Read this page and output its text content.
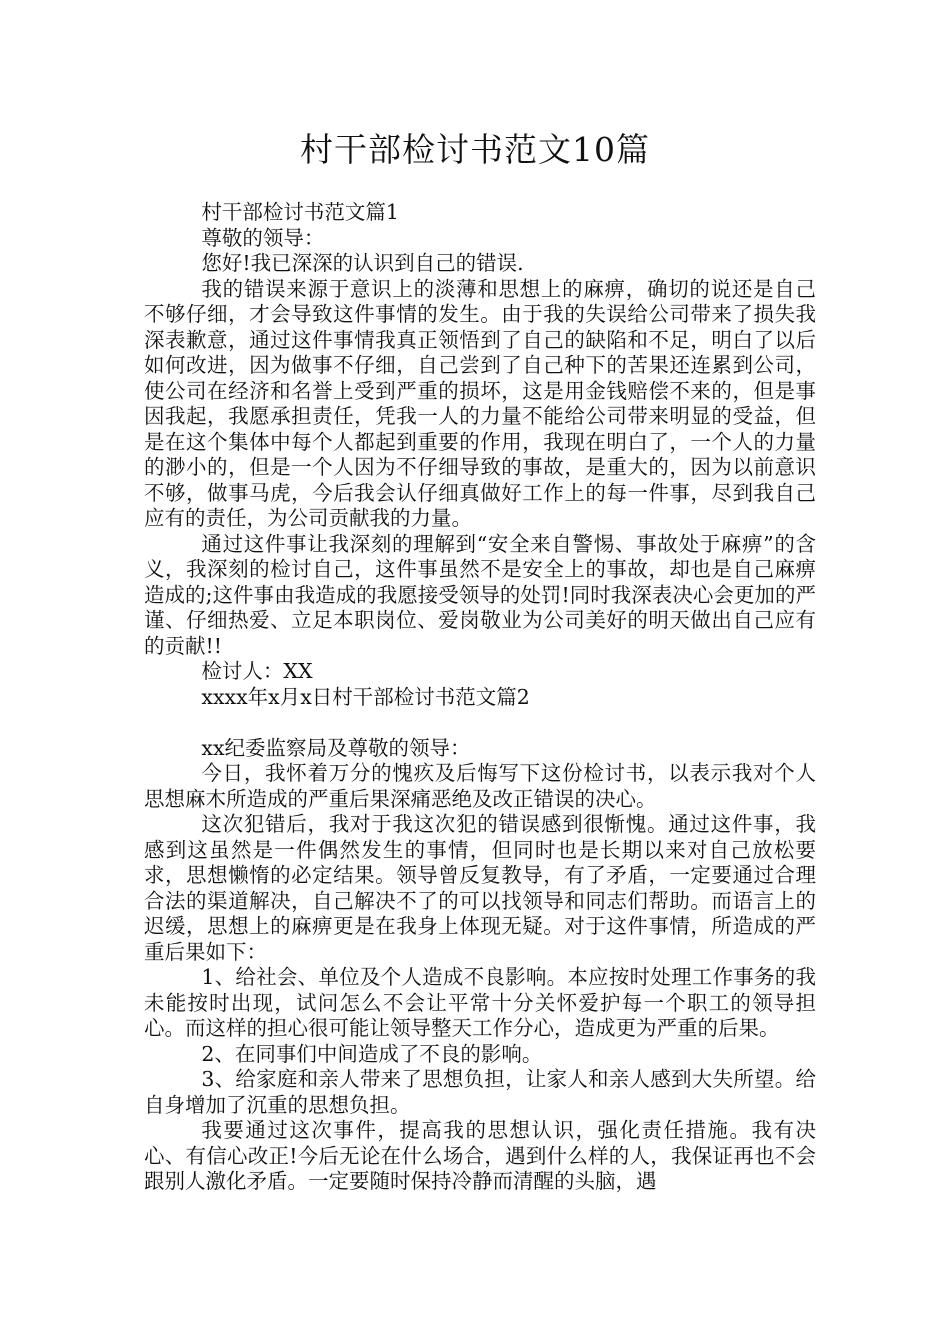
村干部检讨书范文10篇

村干部检讨书范文篇1

尊敬的领导：

您好!我已深深的认识到自己的错误.

我的错误来源于意识上的淡薄和思想上的麻痹，确切的说还是自己不够仔细，才会导致这件事情的发生。由于我的失误给公司带来了损失我深表歉意，通过这件事情我真正领悟到了自己的缺陷和不足，明白了以后如何改进，因为做事不仔细，自己尝到了自己种下的苦果还连累到公司，使公司在经济和名誉上受到严重的损坏，这是用金钱赔偿不来的，但是事因我起，我愿承担责任，凭我一人的力量不能给公司带来明显的受益，但是在这个集体中每个人都起到重要的作用，我现在明白了，一个人的力量的渺小的，但是一个人因为不仔细导致的事故，是重大的，因为以前意识不够，做事马虎，今后我会认仔细真做好工作上的每一件事，尽到我自己应有的责任，为公司贡献我的力量。

通过这件事让我深刻的理解到“安全来自警惕、事故处于麻痹”的含义，我深刻的检讨自己，这件事虽然不是安全上的事故，却也是自己麻痹造成的;这件事由我造成的我愿接受领导的处罚!同时我深表决心会更加的严谨、仔细热爱、立足本职岗位、爱岗敬业为公司美好的明天做出自己应有的贡献!!

检讨人：XX

xxxx年x月x日村干部检讨书范文篇2

xx纪委监察局及尊敬的领导：

今日，我怀着万分的愧疚及后悔写下这份检讨书，以表示我对个人思想麻木所造成的严重后果深痛恶绝及改正错误的决心。

这次犯错后，我对于我这次犯的错误感到很惭愧。通过这件事，我感到这虽然是一件偶然发生的事情，但同时也是长期以来对自己放松要求，思想懒惰的必定结果。领导曾反复教导，有了矛盾，一定要通过合理合法的渠道解决，自己解决不了的可以找领导和同志们帮助。而语言上的迟缓，思想上的麻痹更是在我身上体现无疑。对于这件事情，所造成的严重后果如下：

1、给社会、单位及个人造成不良影响。本应按时处理工作事务的我未能按时出现，试问怎么不会让平常十分关怀爱护每一个职工的领导担心。而这样的担心很可能让领导整天工作分心，造成更为严重的后果。

2、在同事们中间造成了不良的影响。

3、给家庭和亲人带来了思想负担，让家人和亲人感到大失所望。给自身增加了沉重的思想负担。

我要通过这次事件，提高我的思想认识，强化责任措施。我有决心、有信心改正!今后无论在什么场合，遇到什么样的人，我保证再也不会跟别人激化矛盾。一定要随时保持冷静而清醒的头脑，遇
